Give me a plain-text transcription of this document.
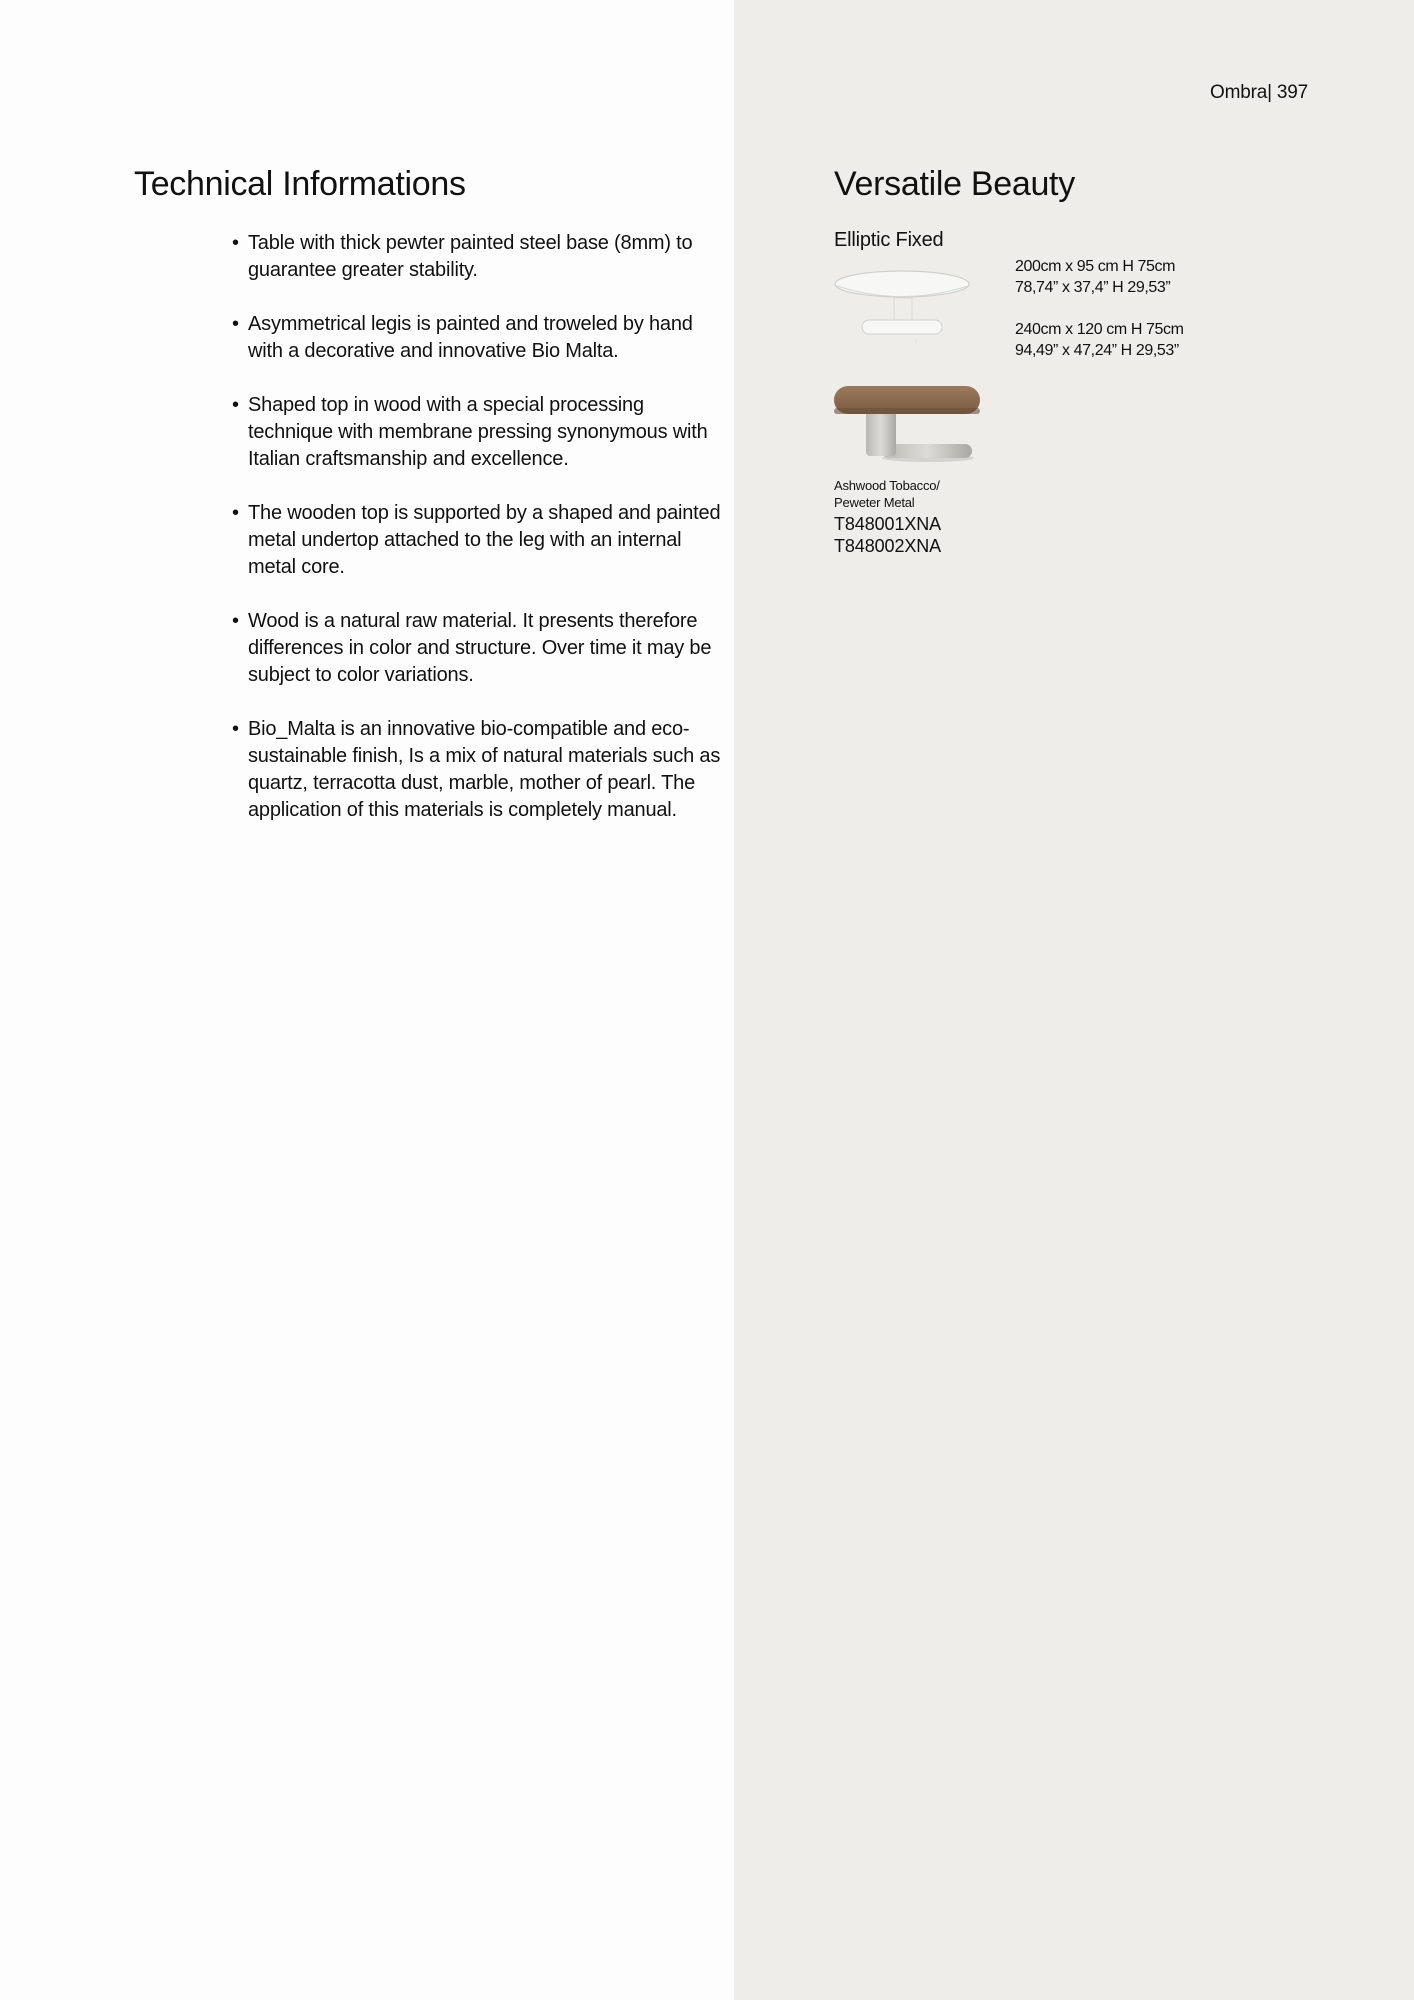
Ombra| 397
Technical Informations
• Table with thick pewter painted steel base (8mm) to guarantee greater stability.
• Asymmetrical legis is painted and troweled by hand with a decorative and innovative Bio Malta.
• Shaped top in wood with a special processing technique with membrane pressing synonymous with Italian craftsmanship and excellence.
• The wooden top is supported by a shaped and painted metal undertop attached to the leg with an internal metal core.
• Wood is a natural raw material. It presents therefore differences in color and structure. Over time it may be subject to color variations.
• Bio_Malta is an innovative bio-compatible and eco-sustainable finish, Is a mix of natural materials such as quartz, terracotta dust, marble, mother of pearl. The application of this materials is completely manual.
Versatile Beauty
Elliptic Fixed
200cm x 95 cm H 75cm
78,74” x 37,4” H 29,53”
240cm x 120 cm H 75cm
94,49” x 47,24” H 29,53”
Ashwood Tobacco/
Peweter Metal
T848001XNA
T848002XNA
